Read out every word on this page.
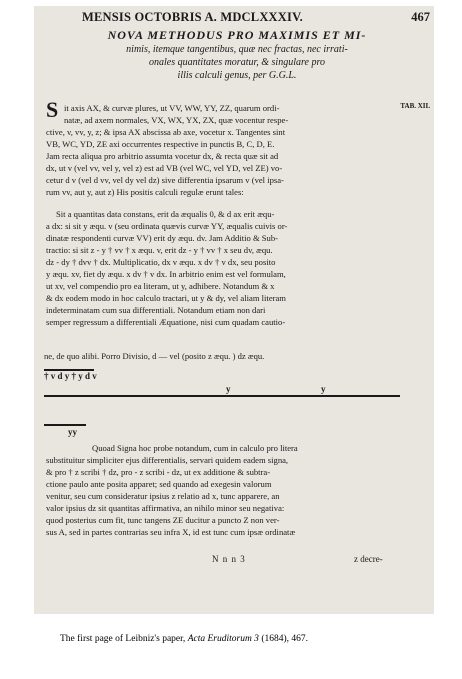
MENSIS OCTOBRIS A. MDCLXXXIV.	467
NOVA METHODUS PRO MAXIMIS ET MI-
nimis, itemque tangentibus, quæ nec fractas, nec irrati-
onales quantitates moratur, & singulare pro
illis calculi genus, per G.G.L.
TAB. XII.
S it axis AX, & curvæ plures, ut VV, WW, YY, ZZ, quarum ordi-
natæ, ad axem normales, VX, WX, YX, ZX, quæ vocentur respe-
ctive, v, vv, y, z; & ipsa AX abscissa ab axe, vocetur x. Tangentes sint
VB, WC, YD, ZE axi occurrentes respective in punctis B, C, D, E.
Jam recta aliqua pro arbitrio assumta vocetur dx, & recta quæ sit ad
dx, ut v (vel vv, vel y, vel z) est ad VB (vel WC, vel YD, vel ZE) vo-
cetur d v (vel d vv, vel dy vel dz) sive differentia ipsarum v (vel ipsa-
rum vv, aut y, aut z) His positis calculi regulæ erunt tales:
Sit a quantitas data constans, erit da æqualis 0, & d ax erit æqu-
a dx: si sit y æqu. v (seu ordinata quævis curvæ YY, æqualis cuivis or-
dinatæ respondenti curvæ VV) erit dy æqu. dv. Jam Additio & Sub-
tractio: si sit z - y † vv † x æqu. v, erit dz - y † vv † x seu dv, æqu.
dz - dy † dvv † dx. Multiplicatio, dx v æqu. x dv † v dx, seu posito
y æqu. xv, fiet dy æqu. x dv † v dx. In arbitrio enim est vel formulam,
ut xv, vel compendio pro ea literam, ut y, adhibere. Notandum & x
& dx eodem modo in hoc calculo tractari, ut y & dy, vel aliam literam
indeterminatam cum sua differentiali. Notandum etiam non dari
semper regressum a differentiali Æquatione, nisi cum quadam cautio-
ne, de quo alibi. Porro Divisio, d — vel (posito z æqu. ) dz æqu.
† v d y † y d v
y	y
yy
Quoad Signa hoc probe notandum, cum in calculo pro litera
substituitur simpliciter ejus differentialis, servari quidem eadem signa,
& pro † z scribi † dz, pro - z scribi - dz, ut ex additione & subtra-
ctione paulo ante posita apparet; sed quando ad exegesin valorum
venitur, seu cum consideratur ipsius z relatio ad x, tunc apparere, an
valor ipsius dz sit quantitas affirmativa, an nihilo minor seu negativa:
quod posterius cum fit, tunc tangens ZE ducitur a puncto Z non ver-
sus A, sed in partes contrarias seu infra X, id est tunc cum ipsæ ordinatæ
N n n 3	z decre-
The first page of Leibniz's paper, Acta Eruditorum 3 (1684), 467.
